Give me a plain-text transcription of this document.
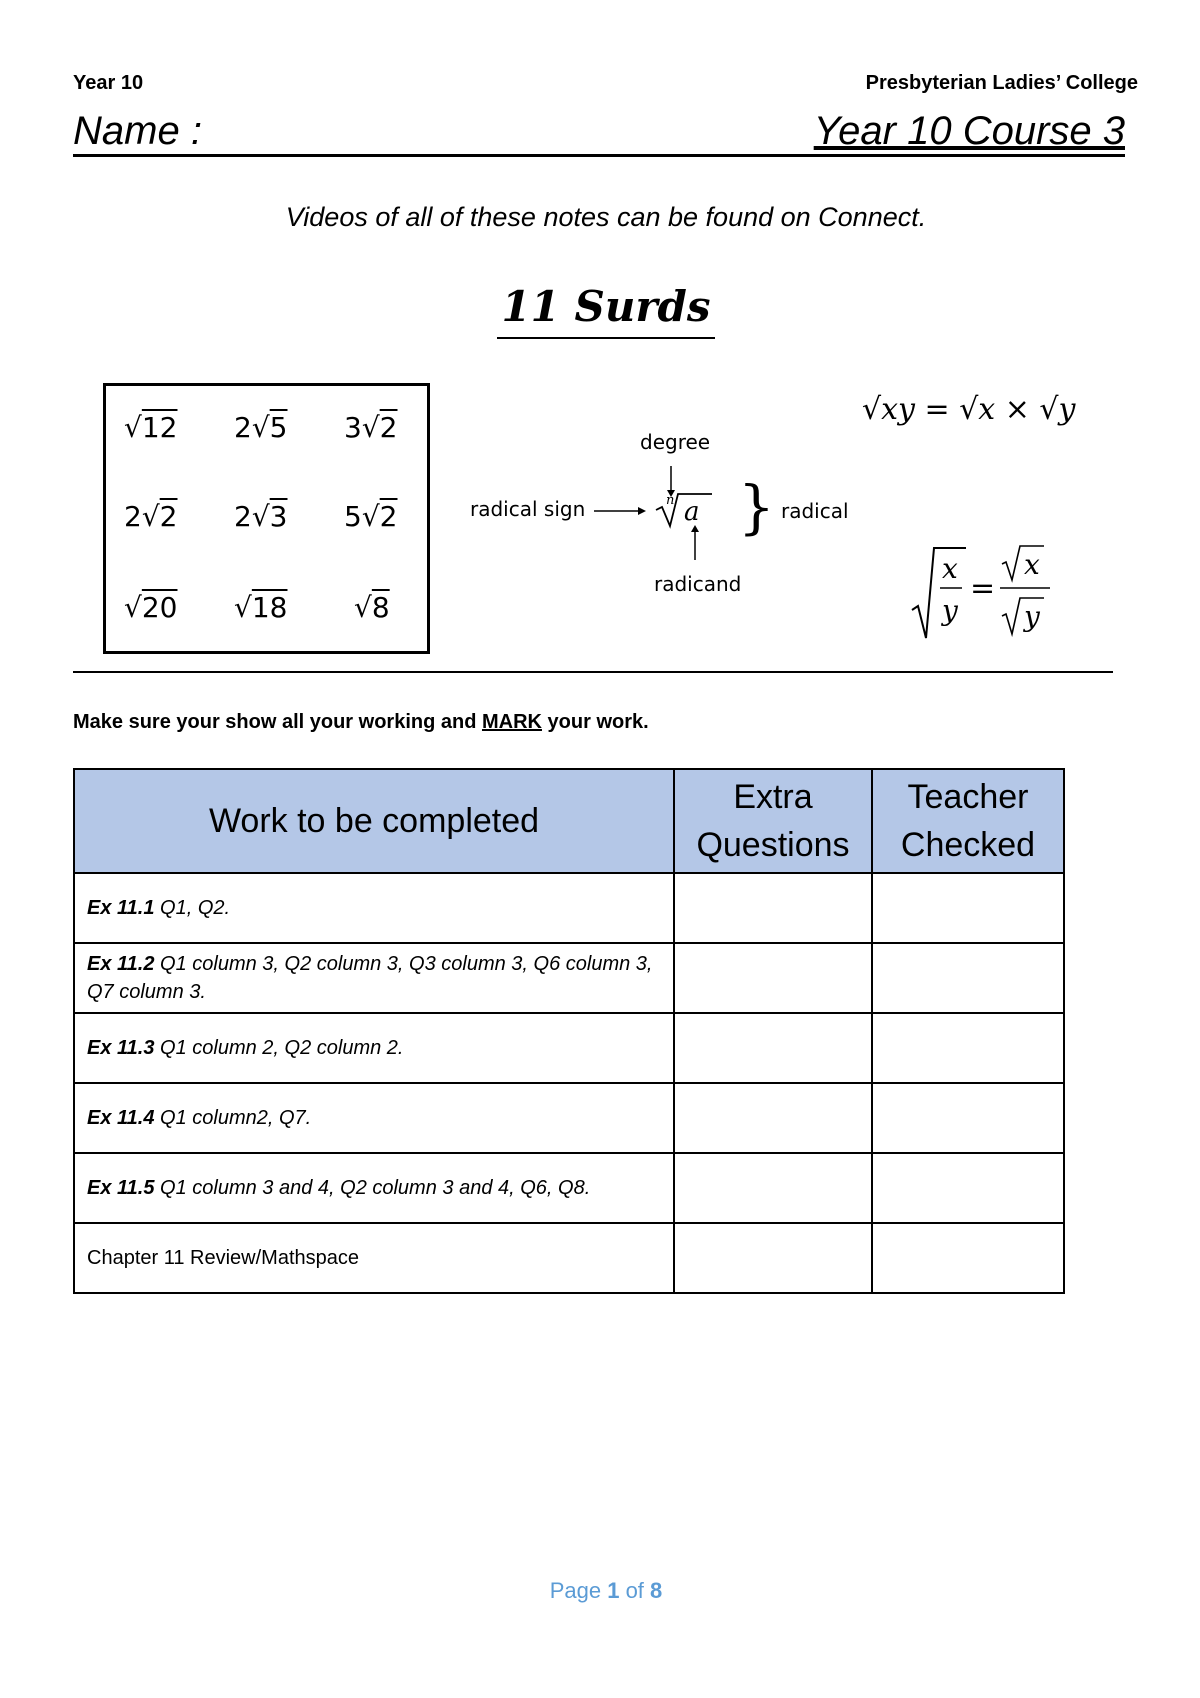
Year 10	Presbyterian Ladies’ College
Name :	Year 10 Course 3
Videos of all of these notes can be found on Connect.
11 Surds
√12 2√5 3√2
2√2 2√3 5√2
√20 √18 √8
degree
radical sign
radicand
radical
n a }
√xy = √x × √y
x
y
=
x
y
Make sure your show all your working and MARK your work.
Work to be completed	Extra Questions	Teacher Checked
Ex 11.1 Q1, Q2.		
Ex 11.2 Q1 column 3, Q2 column 3, Q3 column 3, Q6 column 3, Q7 column 3.		
Ex 11.3 Q1 column 2, Q2 column 2.		
Ex 11.4 Q1 column2, Q7.		
Ex 11.5 Q1 column 3 and 4, Q2 column 3 and 4, Q6, Q8.		
Chapter 11 Review/Mathspace		
Page 1 of 8
